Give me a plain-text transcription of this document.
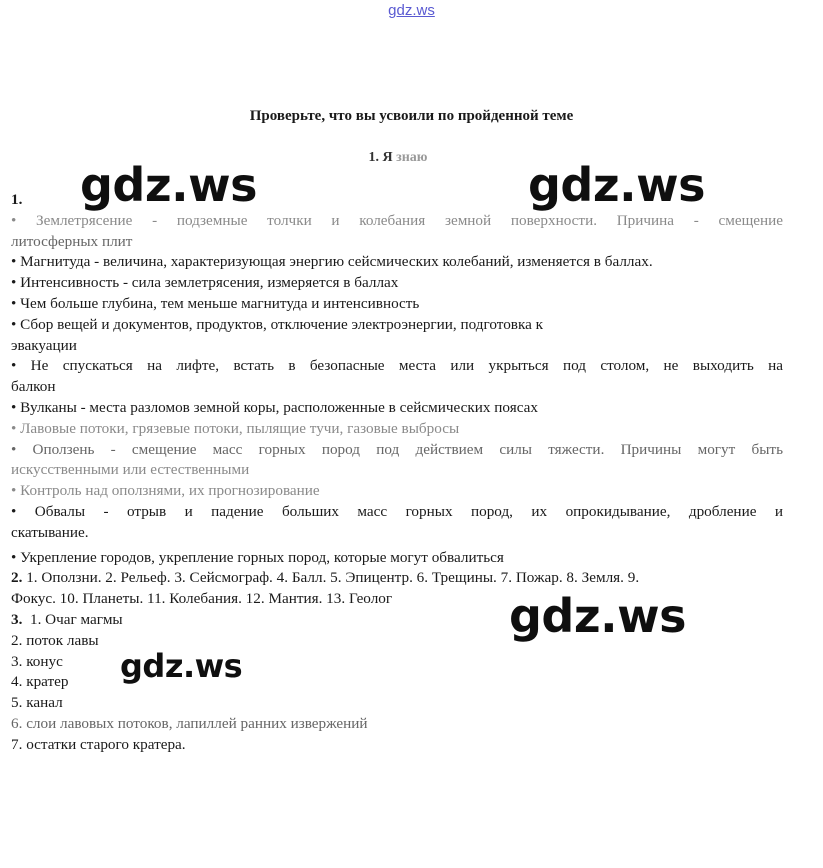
gdz.ws
Проверьте, что вы усвоили по пройденной теме
1. Я знаю
1.
• Землетрясение - подземные толчки и колебания земной поверхности. Причина - смещение
литосферных плит
• Магнитуда - величина, характеризующая энергию сейсмических колебаний, изменяется в баллах.
• Интенсивность - сила землетрясения, измеряется в баллах
• Чем больше глубина, тем меньше магнитуда и интенсивность
• Сбор вещей и документов, продуктов, отключение электроэнергии, подготовка к
эвакуации
• Не спускаться на лифте, встать в безопасные места или укрыться под столом, не выходить на
балкон
• Вулканы - места разломов земной коры, расположенные в сейсмических поясах
• Лавовые потоки, грязевые потоки, пылящие тучи, газовые выбросы
• Оползень - смещение масс горных пород под действием силы тяжести. Причины могут быть
искусственными или естественными
• Контроль над оползнями, их прогнозирование
• Обвалы - отрыв и падение больших масс горных пород, их опрокидывание, дробление и
скатывание.
• Укрепление городов, укрепление горных пород, которые могут обвалиться
2. 1. Оползни. 2. Рельеф. 3. Сейсмограф. 4. Балл. 5. Эпицентр. 6. Трещины. 7. Пожар. 8. Земля. 9.
Фокус. 10. Планеты. 11. Колебания. 12. Мантия. 13. Геолог
3.  1. Очаг магмы
2. поток лавы
3. конус
4. кратер
5. канал
6. слои лавовых потоков, лапиллей ранних извержений
7. остатки старого кратера.
gdz.ws	gdz.ws
gdz.ws
gdz.ws
